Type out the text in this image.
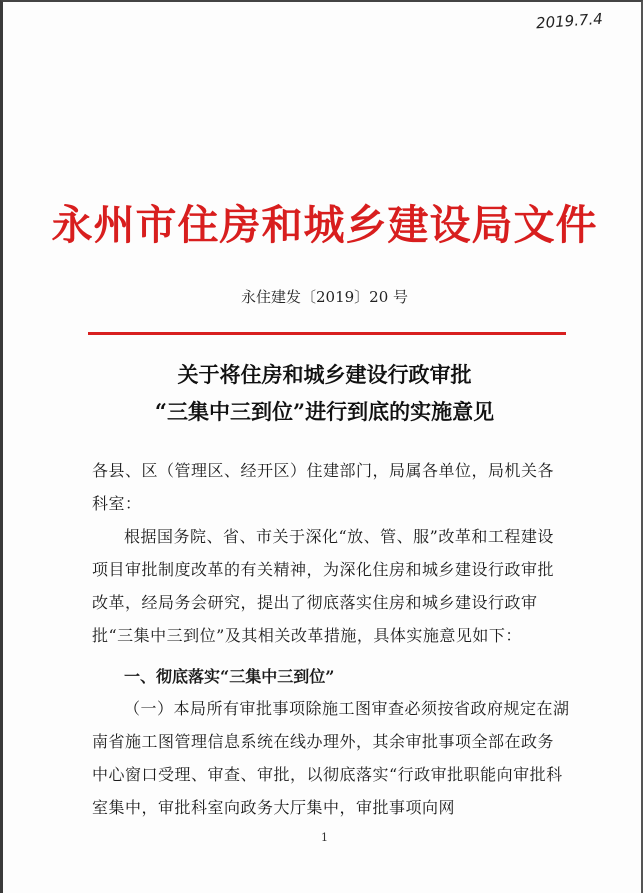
2019.7.4
永州市住房和城乡建设局文件
永住建发〔2019〕20 号
关于将住房和城乡建设行政审批
“三集中三到位”进行到底的实施意见
各县、区（管理区、经开区）住建部门，局属各单位，局机关各科室：
根据国务院、省、市关于深化“放、管、服”改革和工程建设项目审批制度改革的有关精神，为深化住房和城乡建设行政审批改革，经局务会研究，提出了彻底落实住房和城乡建设行政审批“三集中三到位”及其相关改革措施，具体实施意见如下：
一、彻底落实“三集中三到位”
（一）本局所有审批事项除施工图审查必须按省政府规定在湖南省施工图管理信息系统在线办理外，其余审批事项全部在政务中心窗口受理、审查、审批，以彻底落实“行政审批职能向审批科室集中，审批科室向政务大厅集中，审批事项向网
1
